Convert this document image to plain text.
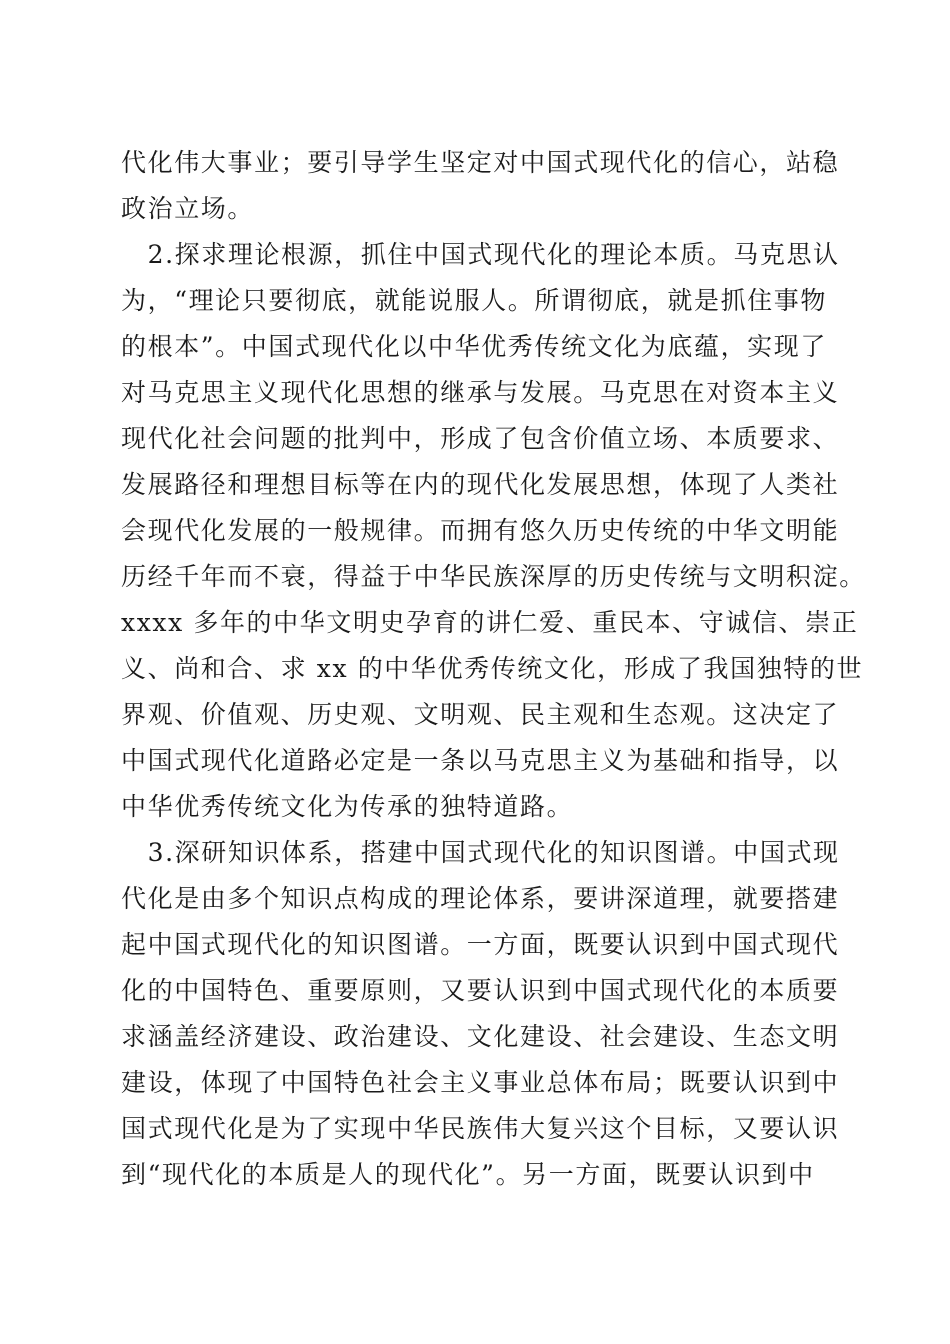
代化伟大事业；要引导学生坚定对中国式现代化的信心，站稳
政治立场。
　2.探求理论根源，抓住中国式现代化的理论本质。马克思认
为，“理论只要彻底，就能说服人。所谓彻底，就是抓住事物
的根本”。中国式现代化以中华优秀传统文化为底蕴，实现了
对马克思主义现代化思想的继承与发展。马克思在对资本主义
现代化社会问题的批判中，形成了包含价值立场、本质要求、
发展路径和理想目标等在内的现代化发展思想，体现了人类社
会现代化发展的一般规律。而拥有悠久历史传统的中华文明能
历经千年而不衰，得益于中华民族深厚的历史传统与文明积淀。
xxxx 多年的中华文明史孕育的讲仁爱、重民本、守诚信、崇正
义、尚和合、求 xx 的中华优秀传统文化，形成了我国独特的世
界观、价值观、历史观、文明观、民主观和生态观。这决定了
中国式现代化道路必定是一条以马克思主义为基础和指导，以
中华优秀传统文化为传承的独特道路。
　3.深研知识体系，搭建中国式现代化的知识图谱。中国式现
代化是由多个知识点构成的理论体系，要讲深道理，就要搭建
起中国式现代化的知识图谱。一方面，既要认识到中国式现代
化的中国特色、重要原则，又要认识到中国式现代化的本质要
求涵盖经济建设、政治建设、文化建设、社会建设、生态文明
建设，体现了中国特色社会主义事业总体布局；既要认识到中
国式现代化是为了实现中华民族伟大复兴这个目标，又要认识
到“现代化的本质是人的现代化”。另一方面，既要认识到中
